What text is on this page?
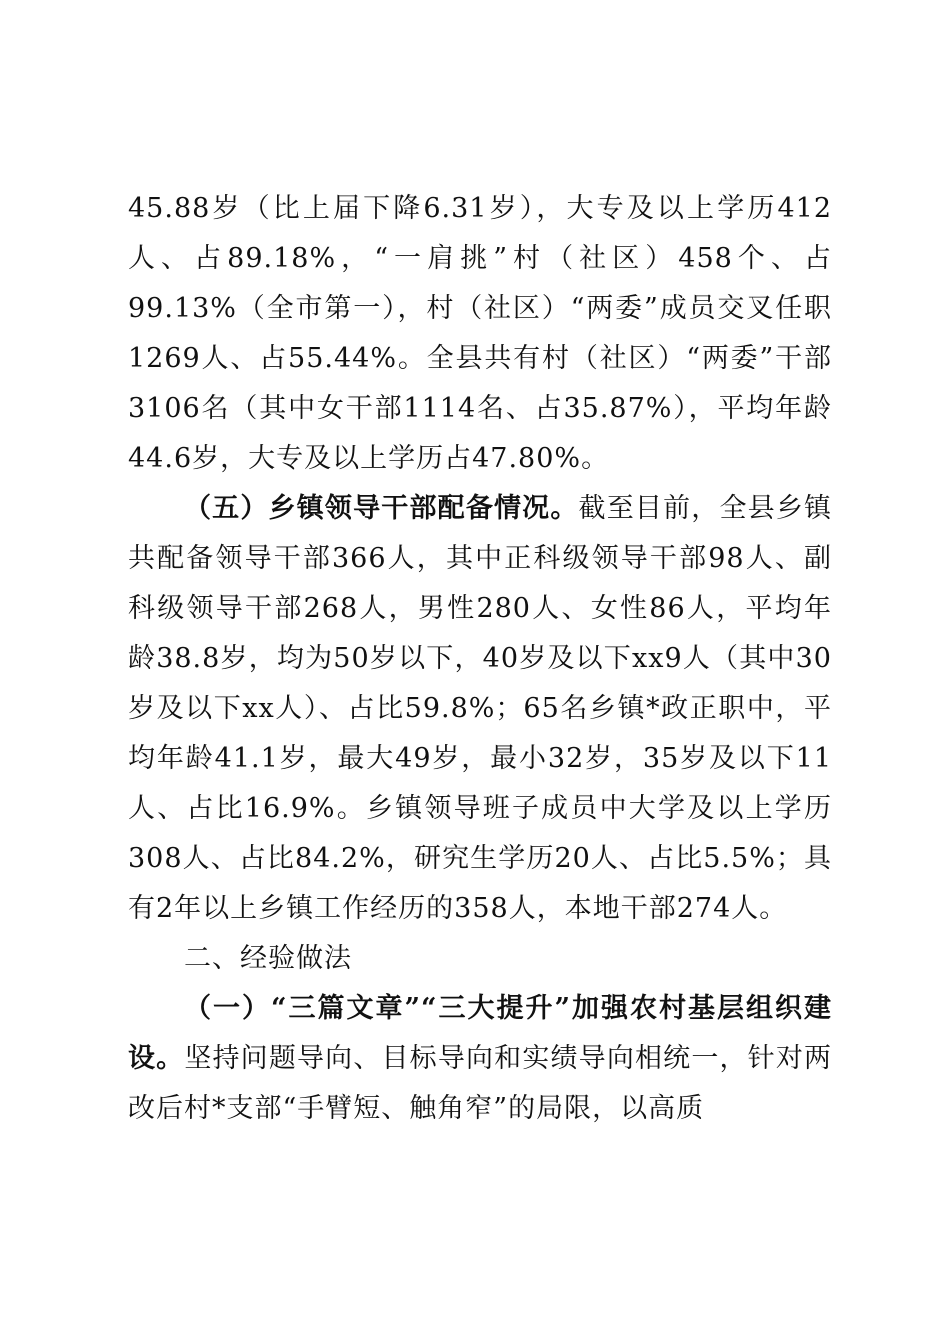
45.88岁（比上届下降6.31岁），大专及以上学历412人、占89.18%，“一肩挑”村（社区）458个、占99.13%（全市第一），村（社区）“两委”成员交叉任职1269人、占55.44%。全县共有村（社区）“两委”干部3106名（其中女干部1114名、占35.87%），平均年龄44.6岁，大专及以上学历占47.80%。

（五）乡镇领导干部配备情况。截至目前，全县乡镇共配备领导干部366人，其中正科级领导干部98人、副科级领导干部268人，男性280人、女性86人，平均年龄38.8岁，均为50岁以下，40岁及以下xx9人（其中30岁及以下xx人）、占比59.8%；65名乡镇*政正职中，平均年龄41.1岁，最大49岁，最小32岁，35岁及以下11人、占比16.9%。乡镇领导班子成员中大学及以上学历308人、占比84.2%，研究生学历20人、占比5.5%；具有2年以上乡镇工作经历的358人，本地干部274人。

二、经验做法

（一）“三篇文章”“三大提升”加强农村基层组织建设。坚持问题导向、目标导向和实绩导向相统一，针对两改后村*支部“手臂短、触角窄”的局限，以高质
